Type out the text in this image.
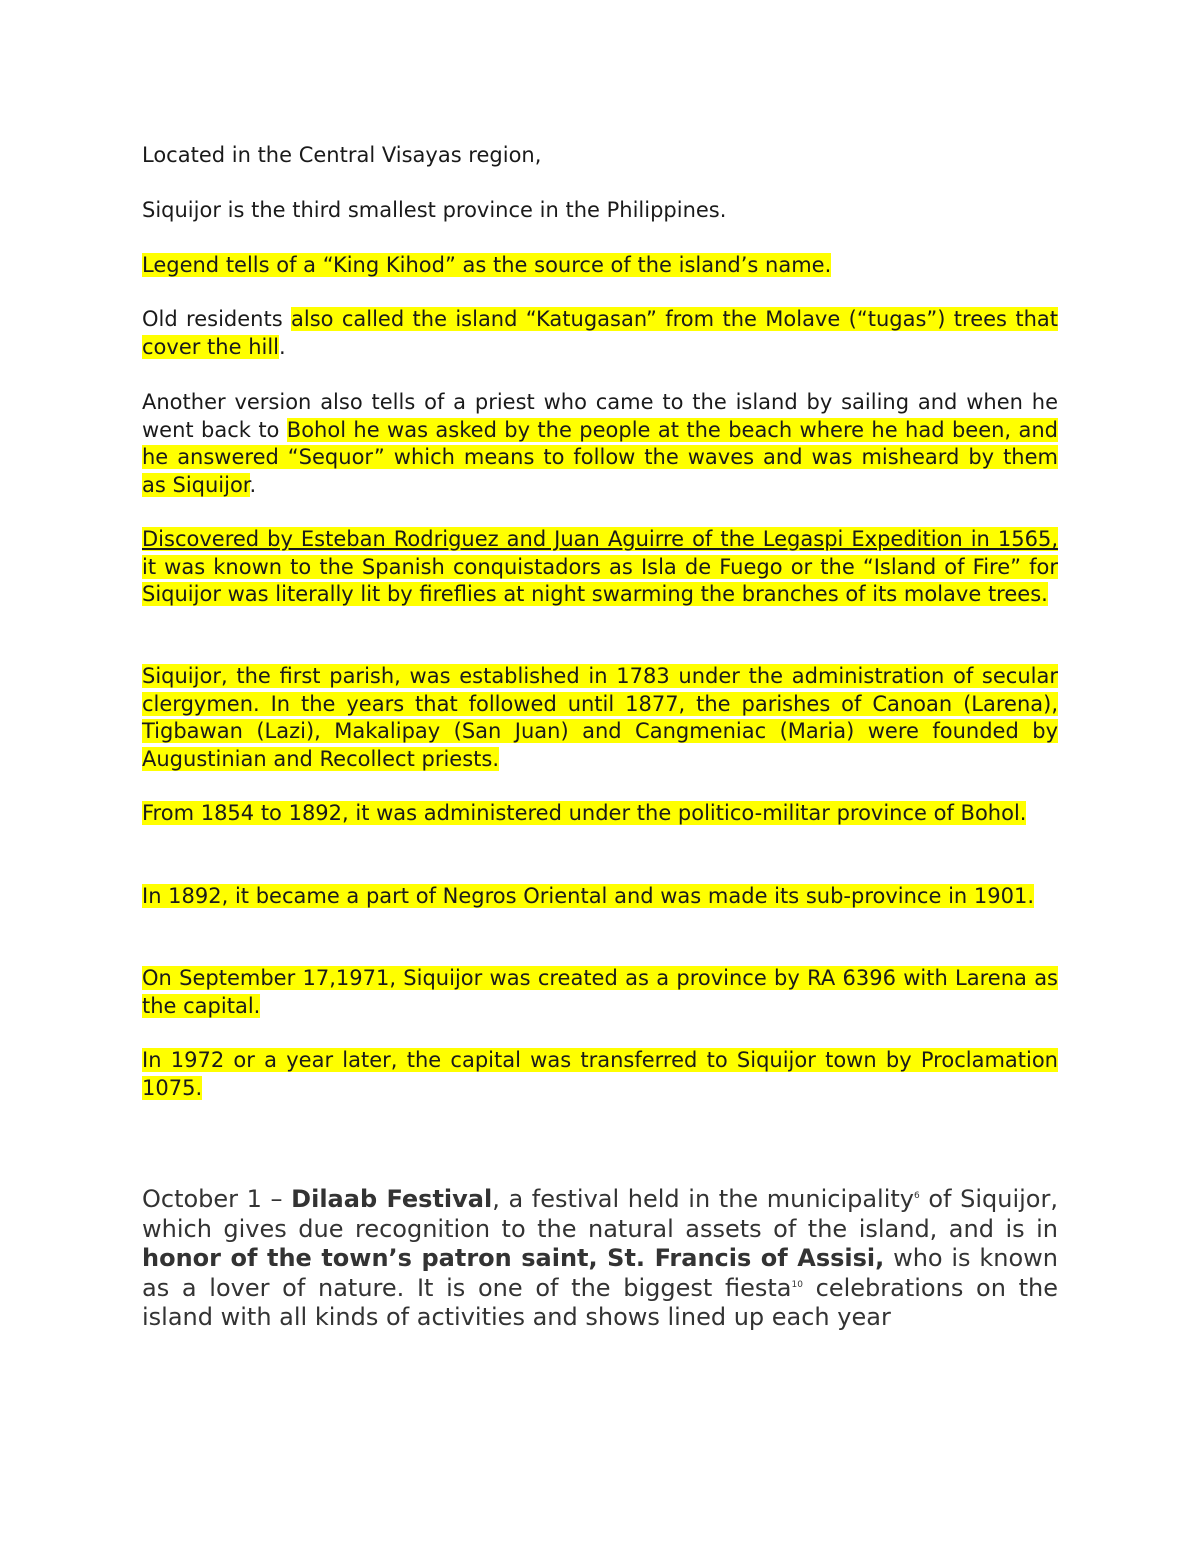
Located in the Central Visayas region,

Siquijor is the third smallest province in the Philippines.

Legend tells of a “King Kihod” as the source of the island’s name.

Old residents also called the island “Katugasan” from the Molave (“tugas”) trees that cover the hill.

Another version also tells of a priest who came to the island by sailing and when he went back to Bohol he was asked by the people at the beach where he had been, and he answered “Sequor” which means to follow the waves and was misheard by them as Siquijor.

Discovered by Esteban Rodriguez and Juan Aguirre of the Legaspi Expedition in 1565, it was known to the Spanish conquistadors as Isla de Fuego or the “Island of Fire” for Siquijor was literally lit by fireflies at night swarming the branches of its molave trees.

Siquijor, the first parish, was established in 1783 under the administration of secular clergymen. In the years that followed until 1877, the parishes of Canoan (Larena), Tigbawan (Lazi), Makalipay (San Juan) and Cangmeniac (Maria) were founded by Augustinian and Recollect priests.

From 1854 to 1892, it was administered under the politico-militar province of Bohol.

In 1892, it became a part of Negros Oriental and was made its sub-province in 1901.

On September 17,1971, Siquijor was created as a province by RA 6396 with Larena as the capital.

In 1972 or a year later, the capital was transferred to Siquijor town by Proclamation 1075.

October 1 – Dilaab Festival, a festival held in the municipality$^6$ of Siquijor, which gives due recognition to the natural assets of the island, and is in honor of the town’s patron saint, St. Francis of Assisi, who is known as a lover of nature. It is one of the biggest fiesta$^{10}$ celebrations on the island with all kinds of activities and shows lined up each year
